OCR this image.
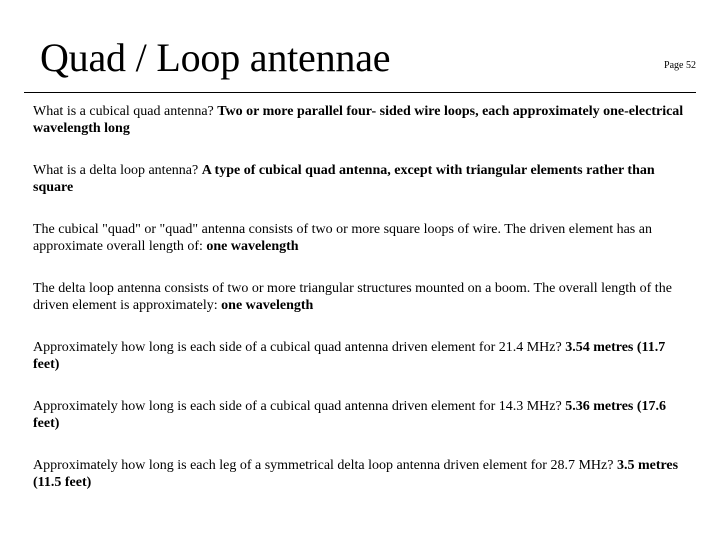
Quad / Loop antennae	Page 52

What is a cubical quad antenna? Two or more parallel four- sided wire loops, each approximately one-electrical wavelength long

What is a delta loop antenna? A type of cubical quad antenna, except with triangular elements rather than square

The cubical "quad" or "quad" antenna consists of two or more square loops of wire. The driven element has an approximate overall length of: one wavelength

The delta loop antenna consists of two or more triangular structures mounted on a boom. The overall length of the driven element is approximately: one wavelength

Approximately how long is each side of a cubical quad antenna driven element for 21.4 MHz? 3.54 metres (11.7 feet)

Approximately how long is each side of a cubical quad antenna driven element for 14.3 MHz? 5.36 metres (17.6 feet)

Approximately how long is each leg of a symmetrical delta loop antenna driven element for 28.7 MHz? 3.5 metres (11.5 feet)
